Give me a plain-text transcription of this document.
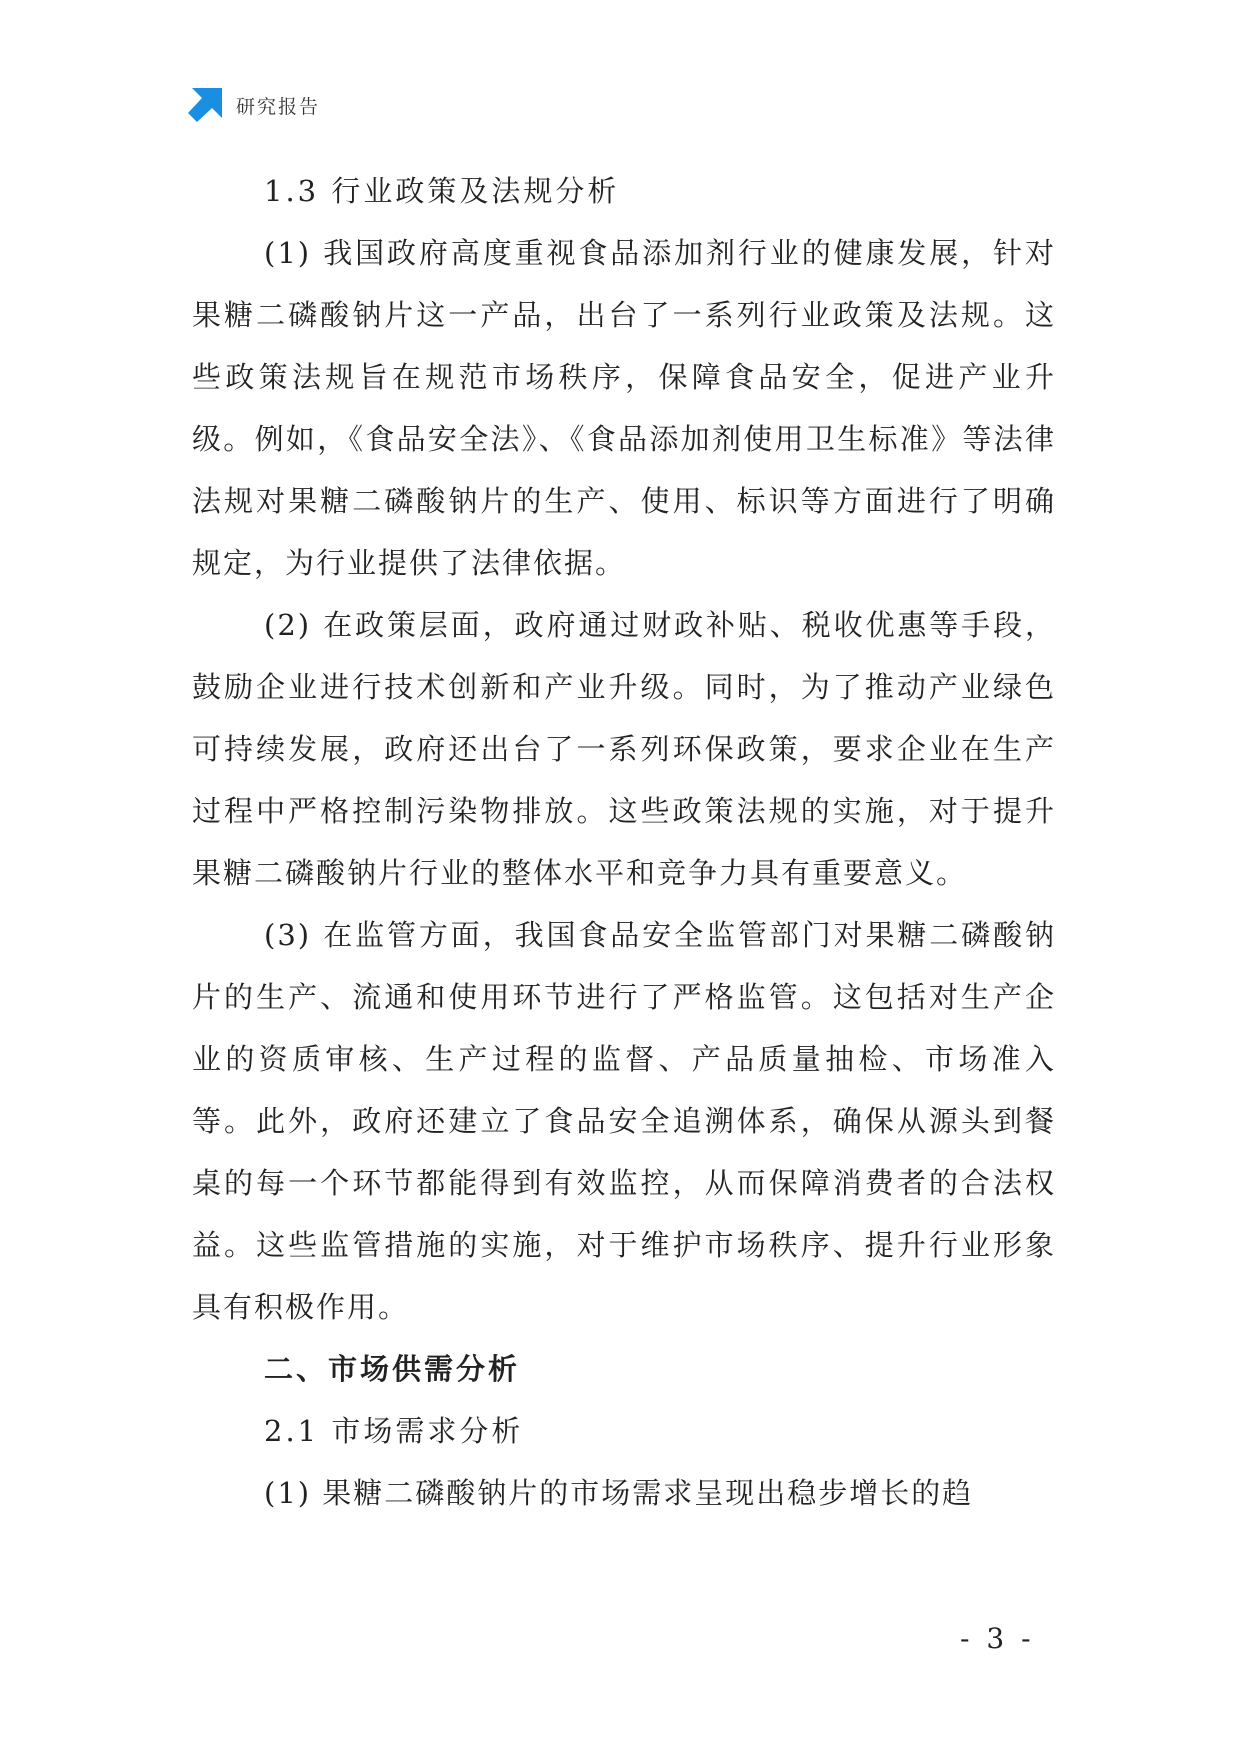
研究报告
1.3 行业政策及法规分析

(1) 我国政府高度重视食品添加剂行业的健康发展，针对果糖二磷酸钠片这一产品，出台了一系列行业政策及法规。这些政策法规旨在规范市场秩序，保障食品安全，促进产业升级。例如，《食品安全法》、《食品添加剂使用卫生标准》等法律法规对果糖二磷酸钠片的生产、使用、标识等方面进行了明确规定，为行业提供了法律依据。

(2) 在政策层面，政府通过财政补贴、税收优惠等手段，鼓励企业进行技术创新和产业升级。同时，为了推动产业绿色可持续发展，政府还出台了一系列环保政策，要求企业在生产过程中严格控制污染物排放。这些政策法规的实施，对于提升果糖二磷酸钠片行业的整体水平和竞争力具有重要意义。

(3) 在监管方面，我国食品安全监管部门对果糖二磷酸钠片的生产、流通和使用环节进行了严格监管。这包括对生产企业的资质审核、生产过程的监督、产品质量抽检、市场准入等。此外，政府还建立了食品安全追溯体系，确保从源头到餐桌的每一个环节都能得到有效监控，从而保障消费者的合法权益。这些监管措施的实施，对于维护市场秩序、提升行业形象具有积极作用。

二、市场供需分析
2.1 市场需求分析

(1) 果糖二磷酸钠片的市场需求呈现出稳步增长的趋

- 3 -
